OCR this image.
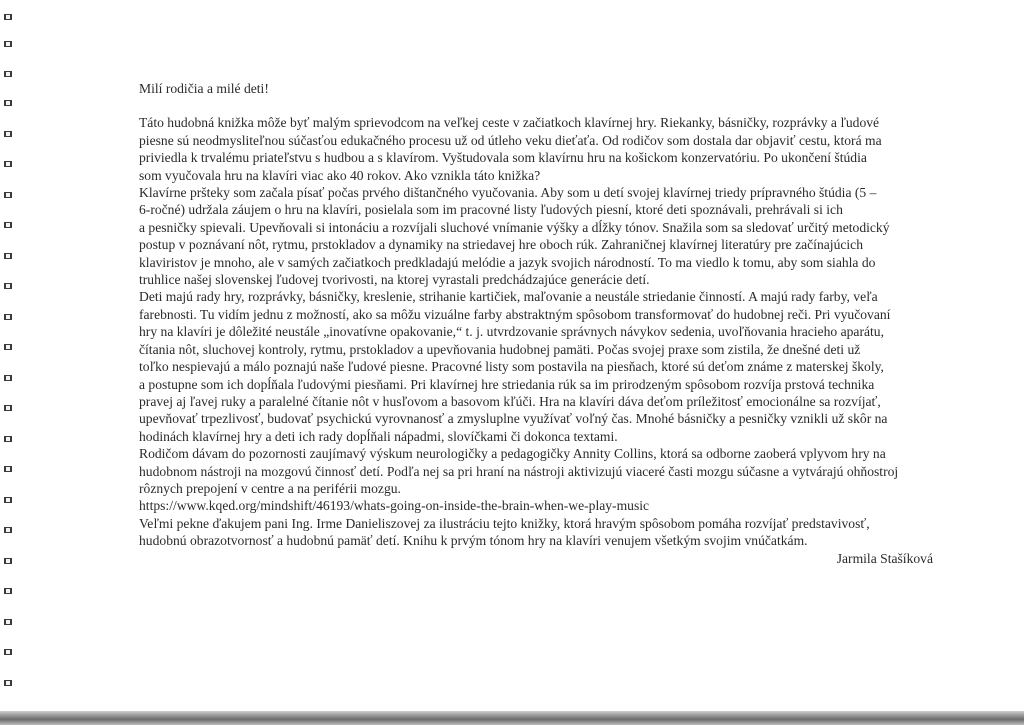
Milí rodičia a milé deti!

Táto hudobná knižka môže byť malým sprievodcom na veľkej ceste v začiatkoch klavírnej hry. Riekanky, básničky, rozprávky a ľudové

piesne sú neodmysliteľnou súčasťou edukačného procesu už od útleho veku dieťaťa. Od rodičov som dostala dar objaviť cestu, ktorá ma

priviedla k trvalému priateľstvu s hudbou a s klavírom. Vyštudovala som klavírnu hru na košickom konzervatóriu. Po ukončení štúdia

som vyučovala hru na klavíri viac ako 40 rokov. Ako vznikla táto knižka?

Klavírne pršteky som začala písať počas prvého dištančného vyučovania. Aby som u detí svojej klavírnej triedy prípravného štúdia (5 –

6-ročné) udržala záujem o hru na klavíri, posielala som im pracovné listy ľudových piesní, ktoré deti spoznávali, prehrávali si ich

a pesničky spievali. Upevňovali si intonáciu a rozvíjali sluchové vnímanie výšky a dĺžky tónov. Snažila som sa sledovať určitý metodický

postup v poznávaní nôt, rytmu, prstokladov a dynamiky na striedavej hre oboch rúk. Zahraničnej klavírnej literatúry pre začínajúcich

klaviristov je mnoho, ale v samých začiatkoch predkladajú melódie a jazyk svojich národností. To ma viedlo k tomu, aby som siahla do

truhlice našej slovenskej ľudovej tvorivosti, na ktorej vyrastali predchádzajúce generácie detí.

Deti majú rady hry, rozprávky, básničky, kreslenie, strihanie kartičiek, maľovanie a neustále striedanie činností. A majú rady farby, veľa

farebnosti. Tu vidím jednu z možností, ako sa môžu vizuálne farby abstraktným spôsobom transformovať do hudobnej reči. Pri vyučovaní

hry na klavíri je dôležité neustále „inovatívne opakovanie,“ t. j. utvrdzovanie správnych návykov sedenia, uvoľňovania hracieho aparátu,

čítania nôt, sluchovej kontroly, rytmu, prstokladov a upevňovania hudobnej pamäti. Počas svojej praxe som zistila, že dnešné deti už

toľko nespievajú a málo poznajú naše ľudové piesne. Pracovné listy som postavila na piesňach, ktoré sú deťom známe z materskej školy,

a postupne som ich dopĺňala ľudovými piesňami. Pri klavírnej hre striedania rúk sa im prirodzeným spôsobom rozvíja prstová technika

pravej aj ľavej ruky a paralelné čítanie nôt v husľovom a basovom kľúči. Hra na klavíri dáva deťom príležitosť emocionálne sa rozvíjať,

upevňovať trpezlivosť, budovať psychickú vyrovnanosť a zmysluplne využívať voľný čas. Mnohé básničky a pesničky vznikli už skôr na

hodinách klavírnej hry a deti ich rady dopĺňali nápadmi, slovíčkami či dokonca textami.

Rodičom dávam do pozornosti zaujímavý výskum neurologičky a pedagogičky Annity Collins, ktorá sa odborne zaoberá vplyvom hry na

hudobnom nástroji na mozgovú činnosť detí. Podľa nej sa pri hraní na nástroji aktivizujú viaceré časti mozgu súčasne a vytvárajú ohňostroj

rôznych prepojení v centre a na periférii mozgu.

https://www.kqed.org/mindshift/46193/whats-going-on-inside-the-brain-when-we-play-music

Veľmi pekne ďakujem pani Ing. Irme Danieliszovej za ilustráciu tejto knižky, ktorá hravým spôsobom pomáha rozvíjať predstavivosť,

hudobnú obrazotvornosť a hudobnú pamäť detí. Knihu k prvým tónom hry na klavíri venujem všetkým svojim vnúčatkám.

Jarmila Stašíková
